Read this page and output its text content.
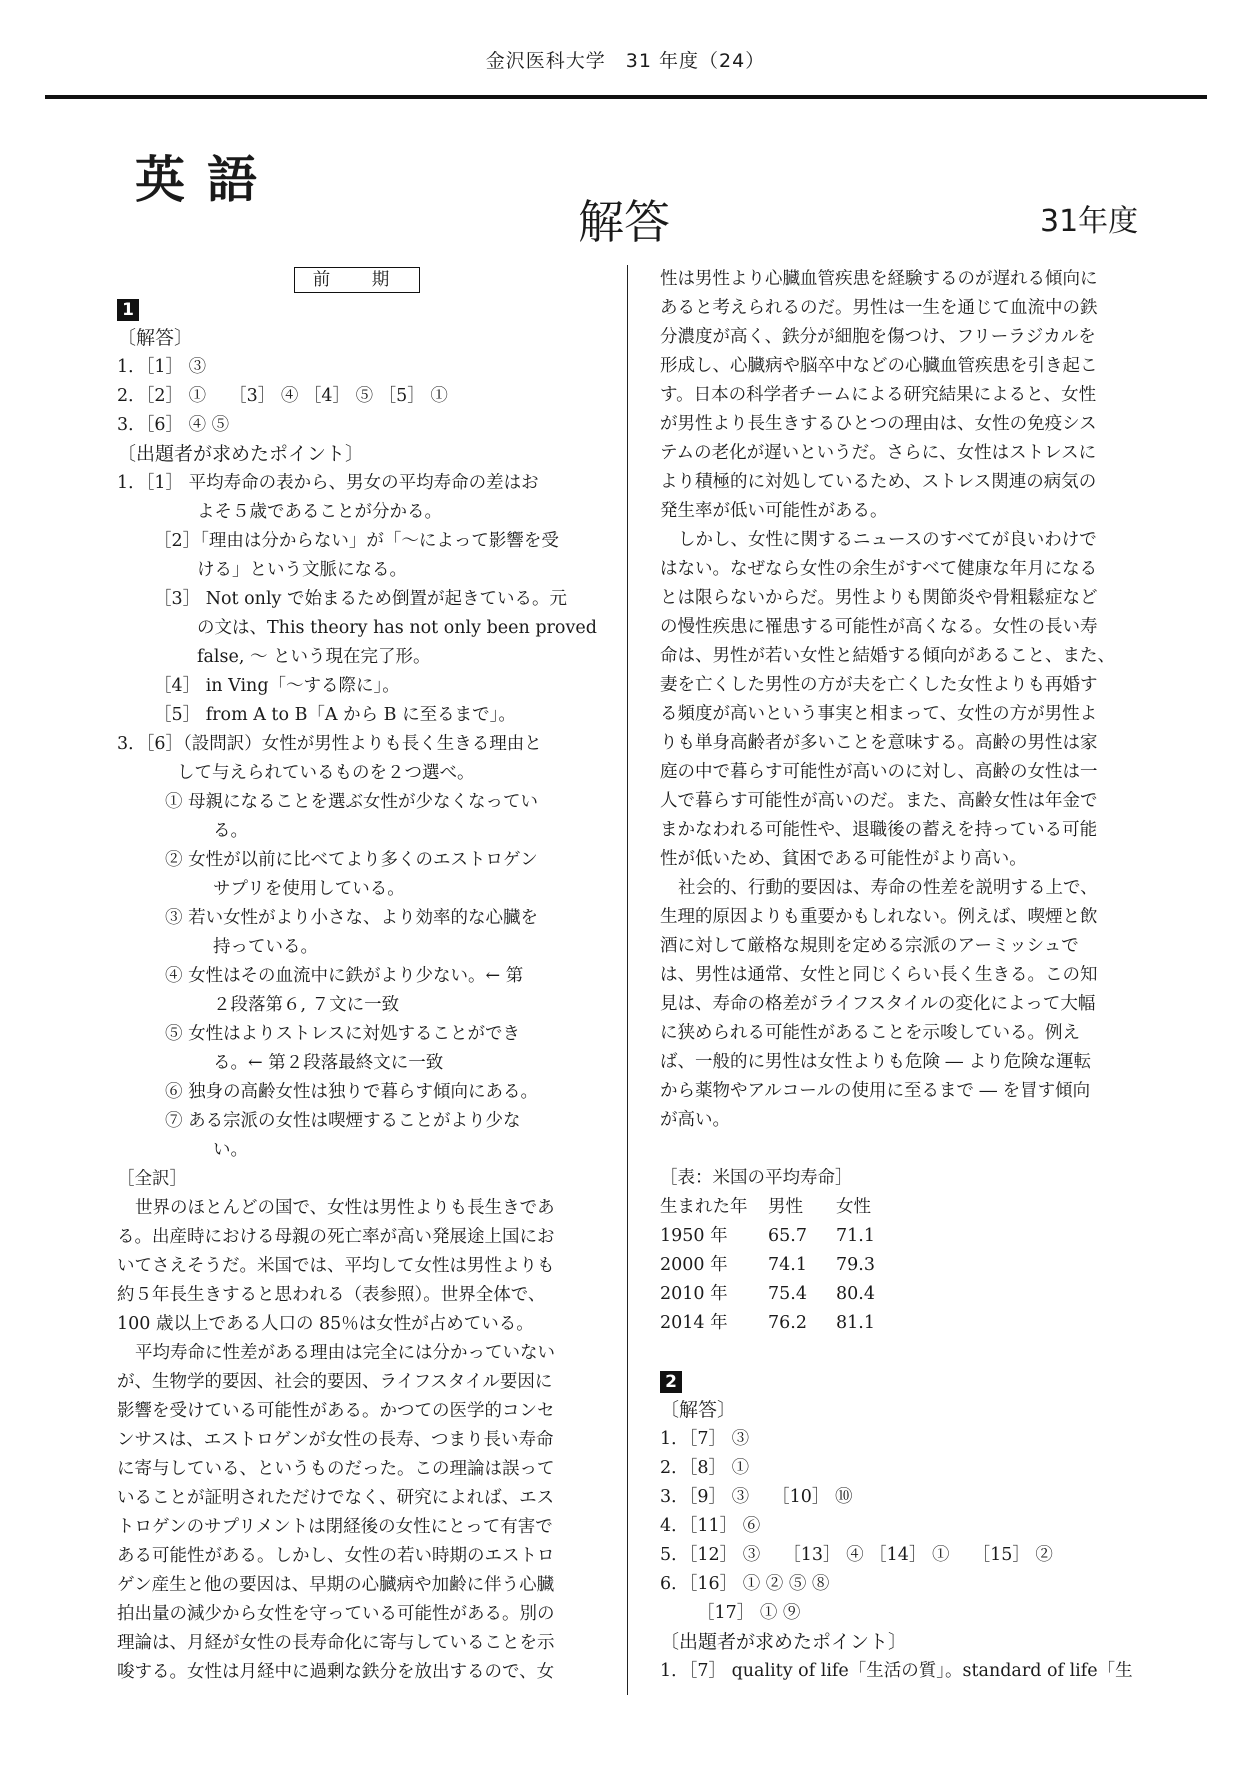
金沢医科大学　31 年度（24）
英語
解答	31年度
前　期
1
〔解答〕
1．［1］ ③
2．［2］ ①　 ［3］ ④ ［4］ ⑤ ［5］ ①
3．［6］ ④ ⑤
〔出題者が求めたポイント〕
1．［1］ 平均寿命の表から、男女の平均寿命の差はお
よそ５歳であることが分かる。
［2］「理由は分からない」が「～によって影響を受
ける」という文脈になる。
［3］ Not only で始まるため倒置が起きている。元
の文は、This theory has not only been proved
false, ～ という現在完了形。
［4］ in Ving「～する際に」。
［5］ from A to B「A から B に至るまで」。
3．［6］（設問訳）女性が男性よりも長く生きる理由と
して与えられているものを２つ選べ。
① 母親になることを選ぶ女性が少なくなってい
る。
② 女性が以前に比べてより多くのエストロゲン
サプリを使用している。
③ 若い女性がより小さな、より効率的な心臓を
持っている。
④ 女性はその血流中に鉄がより少ない。← 第
２段落第６, ７文に一致
⑤ 女性はよりストレスに対処することができ
る。← 第２段落最終文に一致
⑥ 独身の高齢女性は独りで暮らす傾向にある。
⑦ ある宗派の女性は喫煙することがより少な
い。
［全訳］
世界のほとんどの国で、女性は男性よりも長生きであ
る。出産時における母親の死亡率が高い発展途上国にお
いてさえそうだ。米国では、平均して女性は男性よりも
約５年長生きすると思われる（表参照）。世界全体で、
100 歳以上である人口の 85％は女性が占めている。
平均寿命に性差がある理由は完全には分かっていない
が、生物学的要因、社会的要因、ライフスタイル要因に
影響を受けている可能性がある。かつての医学的コンセ
ンサスは、エストロゲンが女性の長寿、つまり長い寿命
に寄与している、というものだった。この理論は誤って
いることが証明されただけでなく、研究によれば、エス
トロゲンのサプリメントは閉経後の女性にとって有害で
ある可能性がある。しかし、女性の若い時期のエストロ
ゲン産生と他の要因は、早期の心臓病や加齢に伴う心臓
拍出量の減少から女性を守っている可能性がある。別の
理論は、月経が女性の長寿命化に寄与していることを示
唆する。女性は月経中に過剰な鉄分を放出するので、女
性は男性より心臓血管疾患を経験するのが遅れる傾向に
あると考えられるのだ。男性は一生を通じて血流中の鉄
分濃度が高く、鉄分が細胞を傷つけ、フリーラジカルを
形成し、心臓病や脳卒中などの心臓血管疾患を引き起こ
す。日本の科学者チームによる研究結果によると、女性
が男性より長生きするひとつの理由は、女性の免疫シス
テムの老化が遅いというだ。さらに、女性はストレスに
より積極的に対処しているため、ストレス関連の病気の
発生率が低い可能性がある。
しかし、女性に関するニュースのすべてが良いわけで
はない。なぜなら女性の余生がすべて健康な年月になる
とは限らないからだ。男性よりも関節炎や骨粗鬆症など
の慢性疾患に罹患する可能性が高くなる。女性の長い寿
命は、男性が若い女性と結婚する傾向があること、また、
妻を亡くした男性の方が夫を亡くした女性よりも再婚す
る頻度が高いという事実と相まって、女性の方が男性よ
りも単身高齢者が多いことを意味する。高齢の男性は家
庭の中で暮らす可能性が高いのに対し、高齢の女性は一
人で暮らす可能性が高いのだ。また、高齢女性は年金で
まかなわれる可能性や、退職後の蓄えを持っている可能
性が低いため、貧困である可能性がより高い。
社会的、行動的要因は、寿命の性差を説明する上で、
生理的原因よりも重要かもしれない。例えば、喫煙と飲
酒に対して厳格な規則を定める宗派のアーミッシュで
は、男性は通常、女性と同じくらい長く生きる。この知
見は、寿命の格差がライフスタイルの変化によって大幅
に狭められる可能性があることを示唆している。例え
ば、一般的に男性は女性よりも危険 ― より危険な運転
から薬物やアルコールの使用に至るまで ― を冒す傾向
が高い。
［表：米国の平均寿命］
生まれた年	男性	女性
1950 年	65.7	71.1
2000 年	74.1	79.3
2010 年	75.4	80.4
2014 年	76.2	81.1
2
〔解答〕
1．［7］ ③
2．［8］ ①
3．［9］ ③　 ［10］ ⑩
4．［11］ ⑥
5．［12］ ③　 ［13］ ④ ［14］ ①　 ［15］ ②
6．［16］ ① ② ⑤ ⑧
［17］ ① ⑨
〔出題者が求めたポイント〕
1．［7］ quality of life「生活の質」。standard of life「生
